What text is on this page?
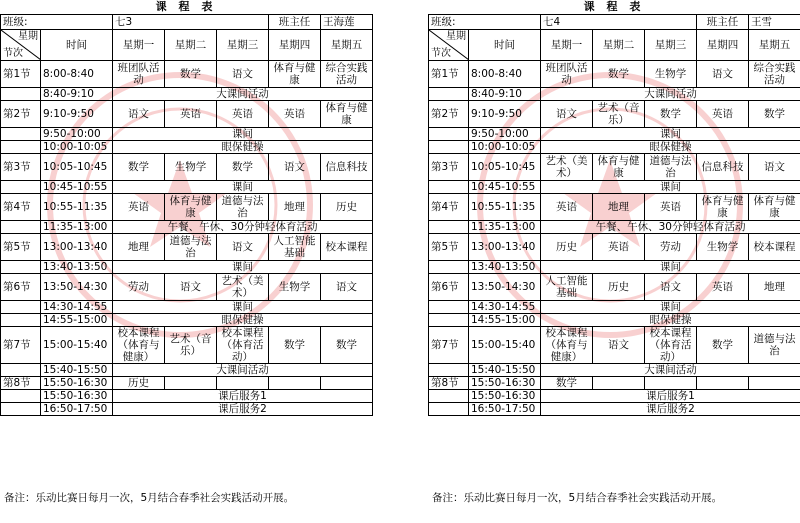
课 程 表
班级:		七3			班主任	王海莲

星期
节次	时间	星期一	星期二	星期三	星期四	星期五
第1节	8:00-8:40	班团队活动	数学	语文	体育与健康	综合实践活动
	8:40-9:10	大课间活动				
第2节	9:10-9:50	语文	英语	英语	英语	体育与健康
	9:50-10:00	课间				
	10:00-10:05	眼保健操				
第3节	10:05-10:45	数学	生物学	数学	语文	信息科技
	10:45-10:55	课间				
第4节	10:55-11:35	英语	体育与健康	道德与法治	地理	历史
	11:35-13:00	午餐、午休、30分钟轻体育活动				
第5节	13:00-13:40	地理	道德与法治	语文	人工智能基础	校本课程
	13:40-13:50	课间				
第6节	13:50-14:30	劳动	语文	艺术（美术）	生物学	语文
	14:30-14:55	课间				
	14:55-15:00	眼保健操				
第7节	15:00-15:40	校本课程（体育与健康）	艺术（音乐）	校本课程（体育活动）	数学	数学
	15:40-15:50	大课间活动				
第8节	15:50-16:30	历史				
	15:50-16:30	课后服务1				
	16:50-17:50	课后服务2				
课 程 表
班级:		七4			班主任	王雪

星期
节次	时间	星期一	星期二	星期三	星期四	星期五
第1节	8:00-8:40	班团队活动	数学	生物学	语文	综合实践活动
	8:40-9:10	大课间活动				
第2节	9:10-9:50	语文	艺术（音乐）	数学	英语	数学
	9:50-10:00	课间				
	10:00-10:05	眼保健操				
第3节	10:05-10:45	艺术（美术）	体育与健康	道德与法治	信息科技	语文
	10:45-10:55	课间				
第4节	10:55-11:35	英语	地理	英语	体育与健康	体育与健康
	11:35-13:00	午餐、午休、30分钟轻体育活动				
第5节	13:00-13:40	历史	英语	劳动	生物学	校本课程
	13:40-13:50	课间				
第6节	13:50-14:30	人工智能基础	历史	语文	英语	地理
	14:30-14:55	课间				
	14:55-15:00	眼保健操				
第7节	15:00-15:40	校本课程（体育与健康）	语文	校本课程（体育活动）	数学	道德与法治
	15:40-15:50	大课间活动				
第8节	15:50-16:30	数学				
	15:50-16:30	课后服务1				
	16:50-17:50	课后服务2				
备注：乐动比赛日每月一次，5月结合春季社会实践活动开展。	备注：乐动比赛日每月一次，5月结合春季社会实践活动开展。
